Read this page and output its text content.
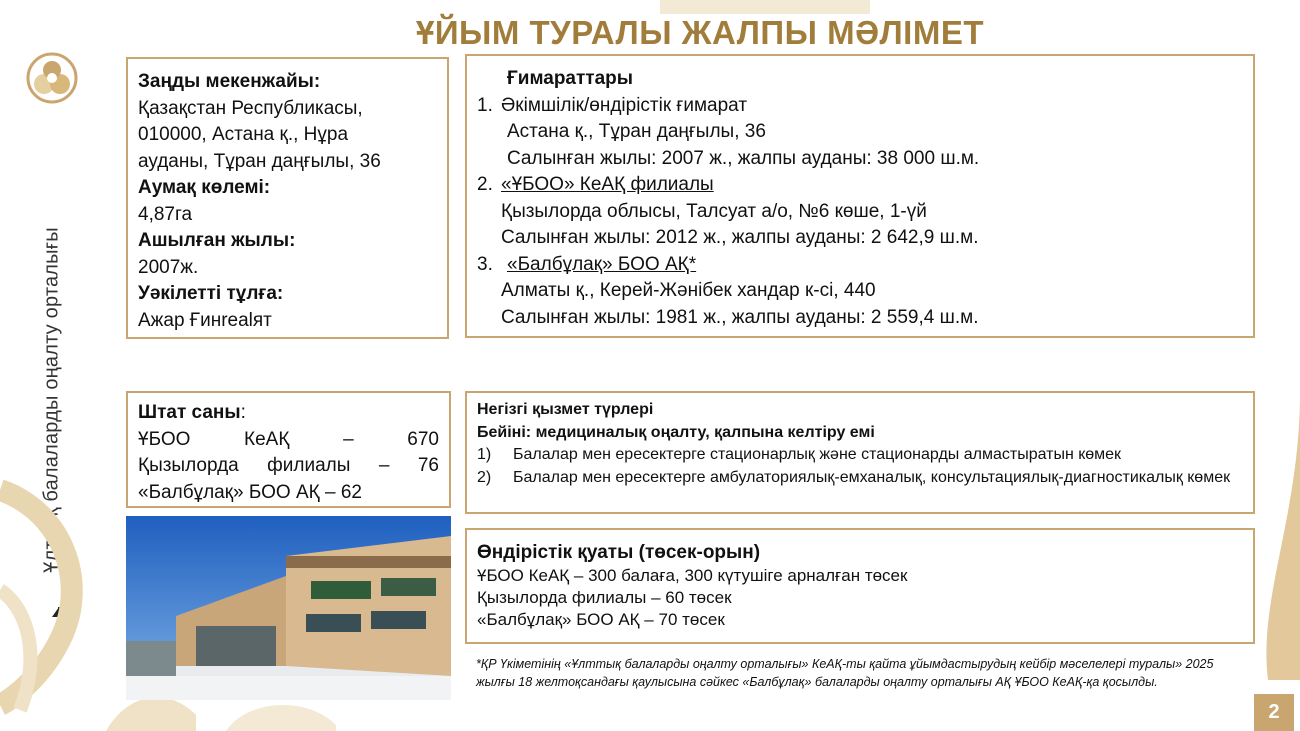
Ұлттық балаларды оңалту орталығы
ҰЙЫМ ТУРАЛЫ ЖАЛПЫ МӘЛІМЕТ
Заңды мекенжайы:
Қазақстан Республикасы,
010000, Астана қ., Нұра
ауданы, Тұран даңғылы, 36
Аумақ көлемі:
4,87га
Ашылған жылы:
2007ж.
Уәкілетті тұлға:
Ажар Ғинrealят
Ғимараттары
1. Әкімшілік/өндірістік ғимарат
Астана қ., Тұран даңғылы, 36
Салынған жылы: 2007 ж., жалпы ауданы: 38 000 ш.м.
2. «ҰБОО» КеАҚ филиалы
Қызылорда облысы, Талсуат а/о, №6 көше, 1-үй
Салынған жылы: 2012 ж., жалпы ауданы: 2 642,9 ш.м.
3. «Балбұлақ» БОО АҚ*
Алматы қ., Керей-Жәнібек хандар к-сі, 440
Салынған жылы: 1981 ж., жалпы ауданы: 2 559,4 ш.м.
Штат саны:
ҰБОО	КеАҚ	–	670
Қызылорда филиалы – 76
«Балбұлақ» БОО АҚ – 62
Негізгі қызмет түрлері
Бейіні: медициналық оңалту, қалпына келтіру емі
1)	Балалар мен ересектерге стационарлық және стационарды алмастыратын көмек
2)	Балалар мен ересектерге амбулаториялық-емханалық, консультациялық-диагностикалық көмек
Өндірістік қуаты (төсек-орын)
ҰБОО КеАҚ – 300 балаға, 300 күтушіге арналған төсек
Қызылорда филиалы – 60 төсек
«Балбұлақ» БОО АҚ – 70 төсек
*ҚР Үкіметінің «Ұлттық балаларды оңалту орталығы» КеАҚ-ты қайта ұйымдастырудың кейбір мәселелері туралы» 2025 жылғы 18 желтоқсандағы қаулысына сәйкес «Балбұлақ» балаларды оңалту орталығы АҚ ҰБОО КеАҚ-қа қосылды.
2
